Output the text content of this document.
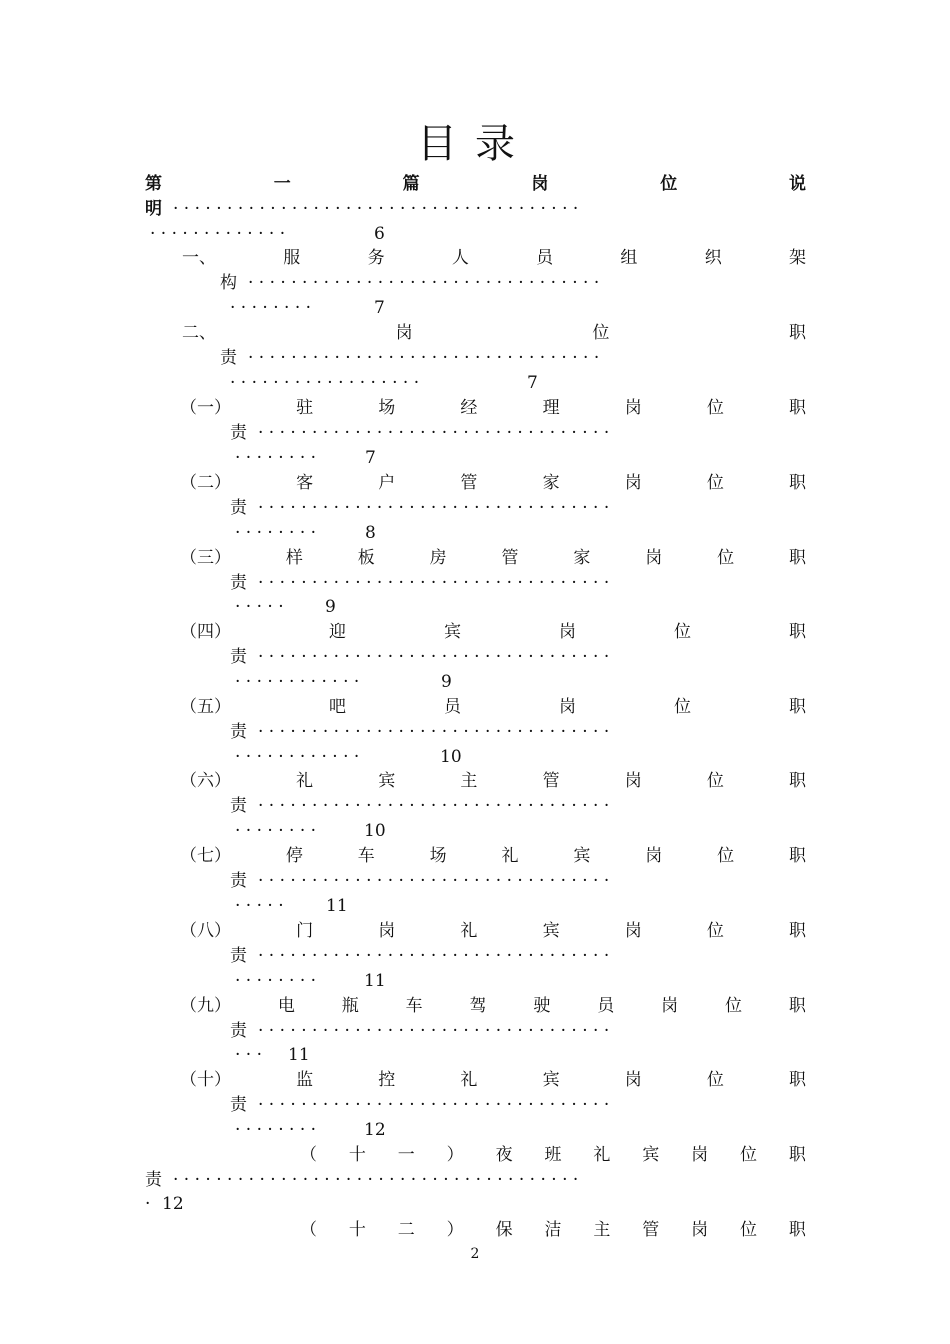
目录
第	一	篇	岗	位	说
明 · · · · · · · · · · · · · · · · · · · · · · · · · · · · · · · · · · · · · ·
· · · · · · · · · · · · ·	6
一、	服	务	人	员	组	织	架
构 · · · · · · · · · · · · · · · · · · · · · · · · · · · · · · · · ·
· · · · · · · ·	7
二、	岗	位	职
责 · · · · · · · · · · · · · · · · · · · · · · · · · · · · · · · · ·
· · · · · · · · · · · · · · · · · ·	7
（一）	驻	场	经	理	岗	位	职
责 · · · · · · · · · · · · · · · · · · · · · · · · · · · · · · · · ·
· · · · · · · ·	7
（二）	客	户	管	家	岗	位	职
责 · · · · · · · · · · · · · · · · · · · · · · · · · · · · · · · · ·
· · · · · · · ·	8
（三）	样	板	房	管	家	岗	位	职
责 · · · · · · · · · · · · · · · · · · · · · · · · · · · · · · · · ·
· · · · ·	9
（四）	迎	宾	岗	位	职
责 · · · · · · · · · · · · · · · · · · · · · · · · · · · · · · · · ·
· · · · · · · · · · · ·	9
（五）	吧	员	岗	位	职
责 · · · · · · · · · · · · · · · · · · · · · · · · · · · · · · · · ·
· · · · · · · · · · · ·	10
（六）	礼	宾	主	管	岗	位	职
责 · · · · · · · · · · · · · · · · · · · · · · · · · · · · · · · · ·
· · · · · · · ·	10
（七）	停	车	场	礼	宾	岗	位	职
责 · · · · · · · · · · · · · · · · · · · · · · · · · · · · · · · · ·
· · · · ·	11
（八）	门	岗	礼	宾	岗	位	职
责 · · · · · · · · · · · · · · · · · · · · · · · · · · · · · · · · ·
· · · · · · · ·	11
（九）	电	瓶	车	驾	驶	员	岗	位	职
责 · · · · · · · · · · · · · · · · · · · · · · · · · · · · · · · · ·
· · ·	11
（十）	监	控	礼	宾	岗	位	职
责 · · · · · · · · · · · · · · · · · · · · · · · · · · · · · · · · ·
· · · · · · · ·	12
（ 十 一 ） 夜 班 礼 宾 岗 位 职
责 · · · · · · · · · · · · · · · · · · · · · · · · · · · · · · · · · · · · · ·
· 12
（ 十 二 ） 保 洁 主 管 岗 位 职
2
